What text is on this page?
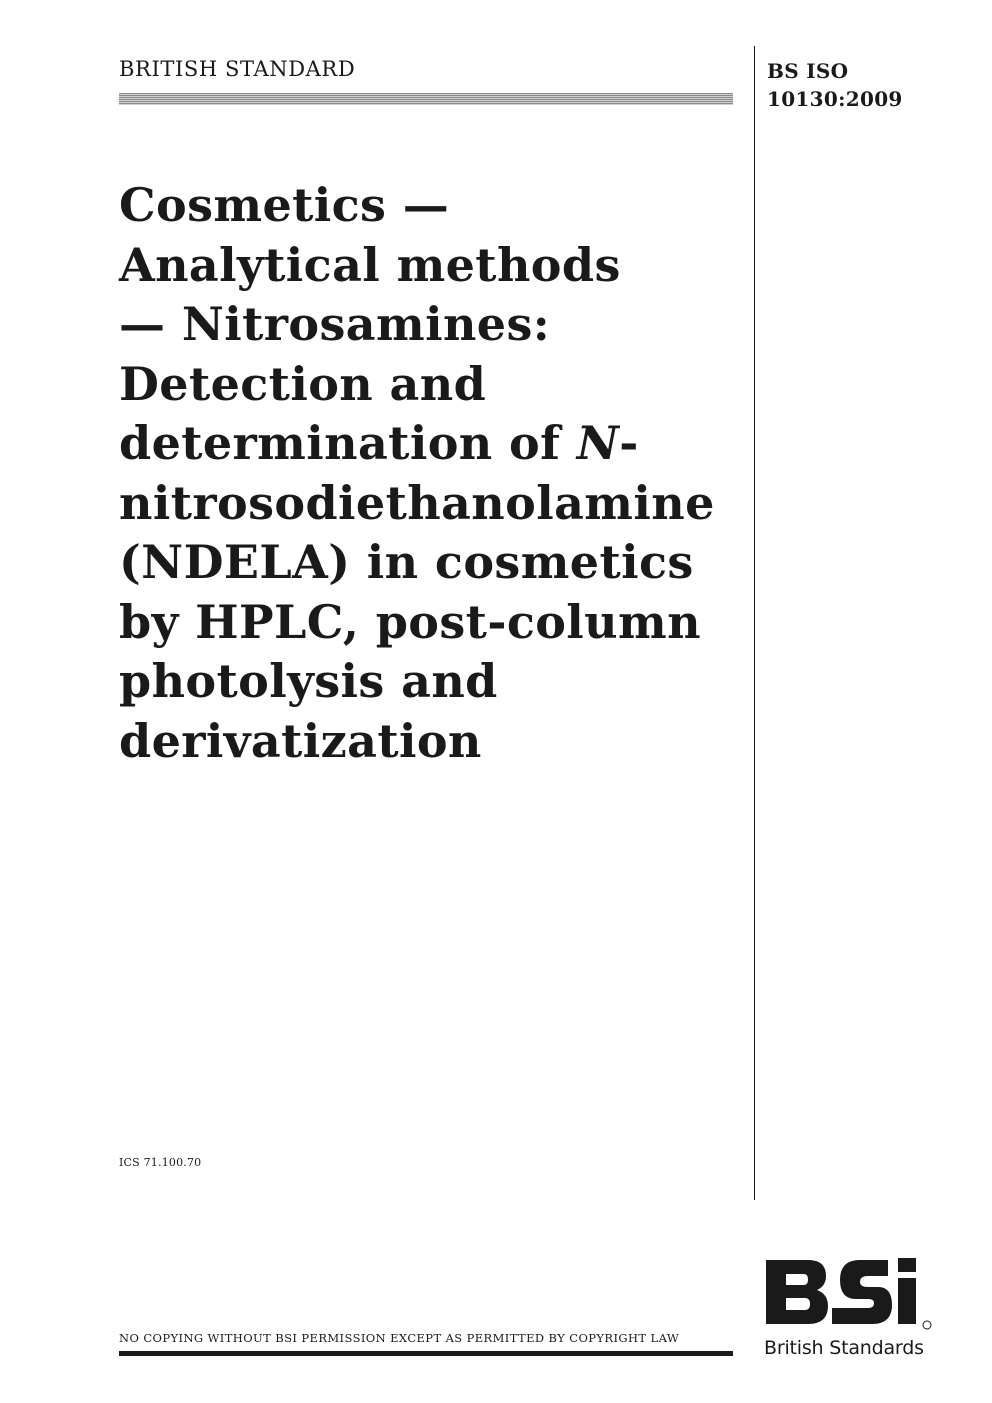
BRITISH STANDARD	BS ISO
10130:2009
Cosmetics —
Analytical methods
— Nitrosamines:
Detection and
determination of N-
nitrosodiethanolamine
(NDELA) in cosmetics
by HPLC, post-column
photolysis and
derivatization
ICS 71.100.70
NO COPYING WITHOUT BSI PERMISSION EXCEPT AS PERMITTED BY COPYRIGHT LAW	British Standards
